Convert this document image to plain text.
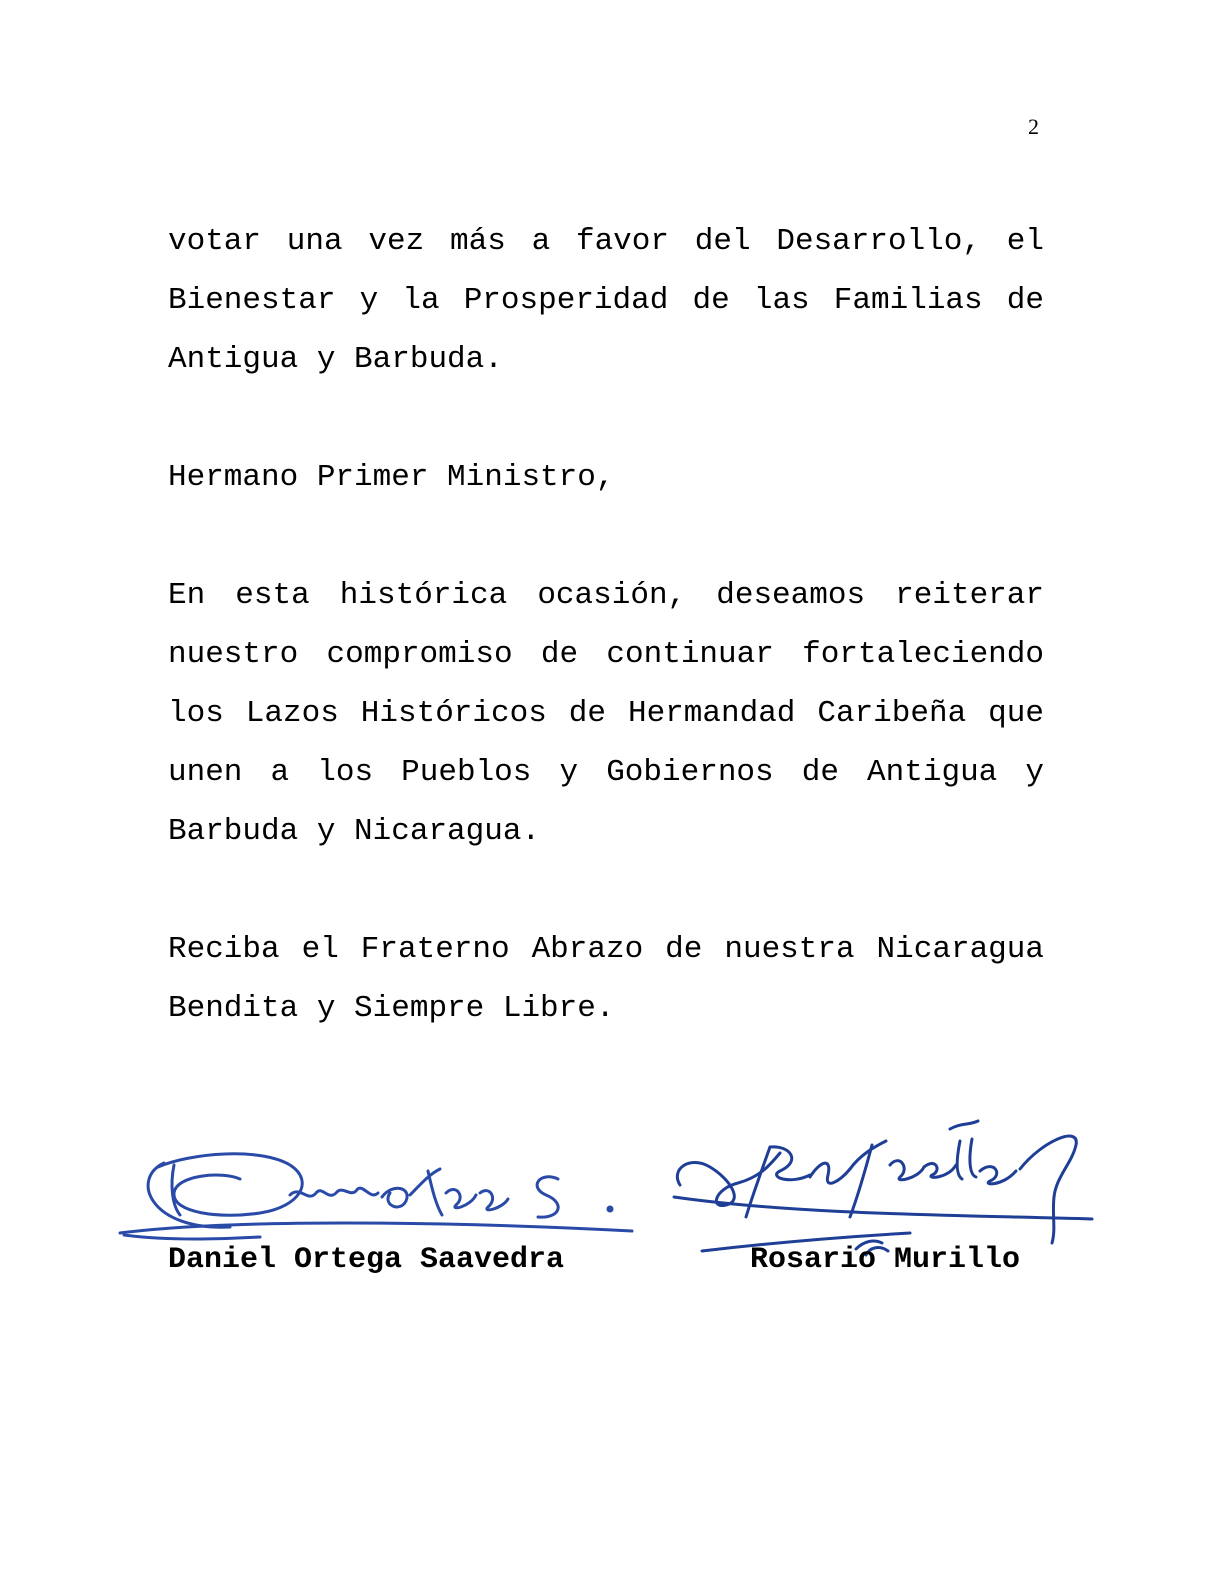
2

votar una vez más a favor del Desarrollo, el Bienestar y la Prosperidad de las Familias de Antigua y Barbuda.

Hermano Primer Ministro,

En esta histórica ocasión, deseamos reiterar nuestro compromiso de continuar fortaleciendo los Lazos Históricos de Hermandad Caribeña que unen a los Pueblos y Gobiernos de Antigua y Barbuda y Nicaragua.

Reciba el Fraterno Abrazo de nuestra Nicaragua Bendita y Siempre Libre.

Daniel Ortega Saavedra	Rosario Murillo
